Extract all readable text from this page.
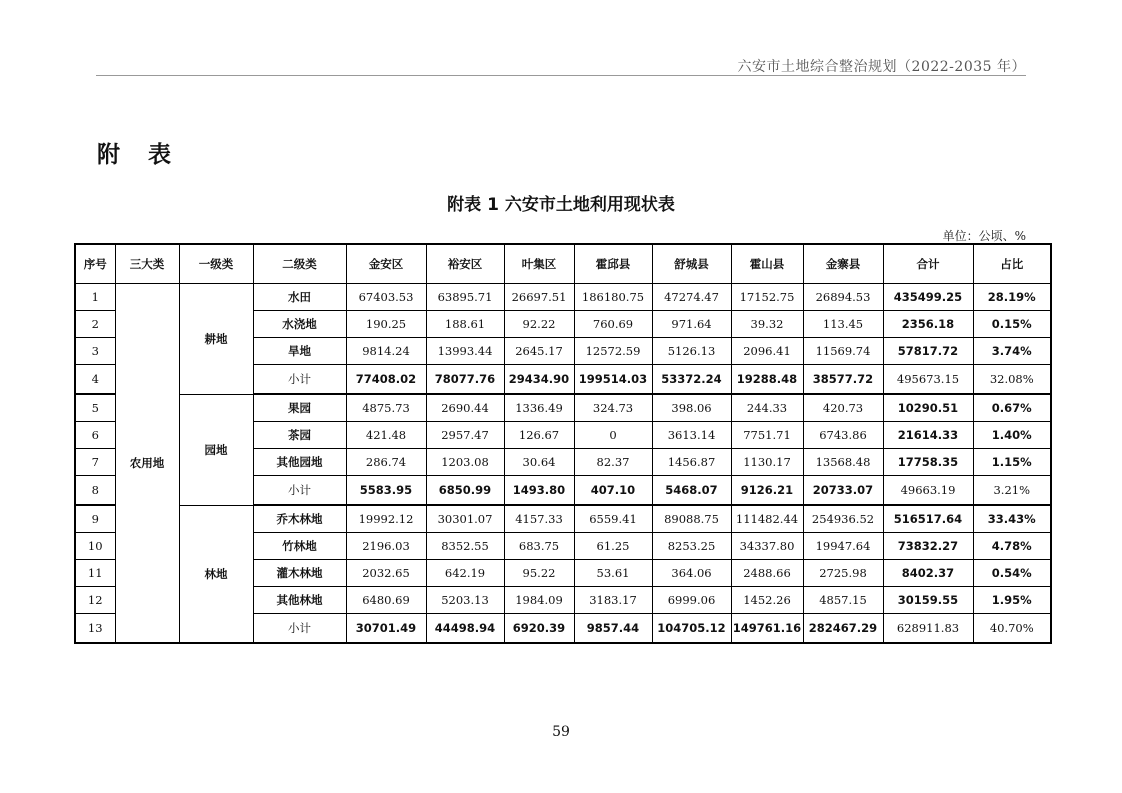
六安市土地综合整治规划（2022-2035 年）
附 表
附表 1 六安市土地利用现状表
单位：公顷、%
序号	三大类	一级类	二级类	金安区	裕安区	叶集区	霍邱县	舒城县	霍山县	金寨县	合计	占比
1	农用地	耕地	水田	67403.53	63895.71	26697.51	186180.75	47274.47	17152.75	26894.53	435499.25	28.19%
2			水浇地	190.25	188.61	92.22	760.69	971.64	39.32	113.45	2356.18	0.15%
3			旱地	9814.24	13993.44	2645.17	12572.59	5126.13	2096.41	11569.74	57817.72	3.74%
4			小计	77408.02	78077.76	29434.90	199514.03	53372.24	19288.48	38577.72	495673.15	32.08%
5		园地	果园	4875.73	2690.44	1336.49	324.73	398.06	244.33	420.73	10290.51	0.67%
6			茶园	421.48	2957.47	126.67	0	3613.14	7751.71	6743.86	21614.33	1.40%
7			其他园地	286.74	1203.08	30.64	82.37	1456.87	1130.17	13568.48	17758.35	1.15%
8			小计	5583.95	6850.99	1493.80	407.10	5468.07	9126.21	20733.07	49663.19	3.21%
9		林地	乔木林地	19992.12	30301.07	4157.33	6559.41	89088.75	111482.44	254936.52	516517.64	33.43%
10			竹林地	2196.03	8352.55	683.75	61.25	8253.25	34337.80	19947.64	73832.27	4.78%
11			灌木林地	2032.65	642.19	95.22	53.61	364.06	2488.66	2725.98	8402.37	0.54%
12			其他林地	6480.69	5203.13	1984.09	3183.17	6999.06	1452.26	4857.15	30159.55	1.95%
13			小计	30701.49	44498.94	6920.39	9857.44	104705.12	149761.16	282467.29	628911.83	40.70%
59
